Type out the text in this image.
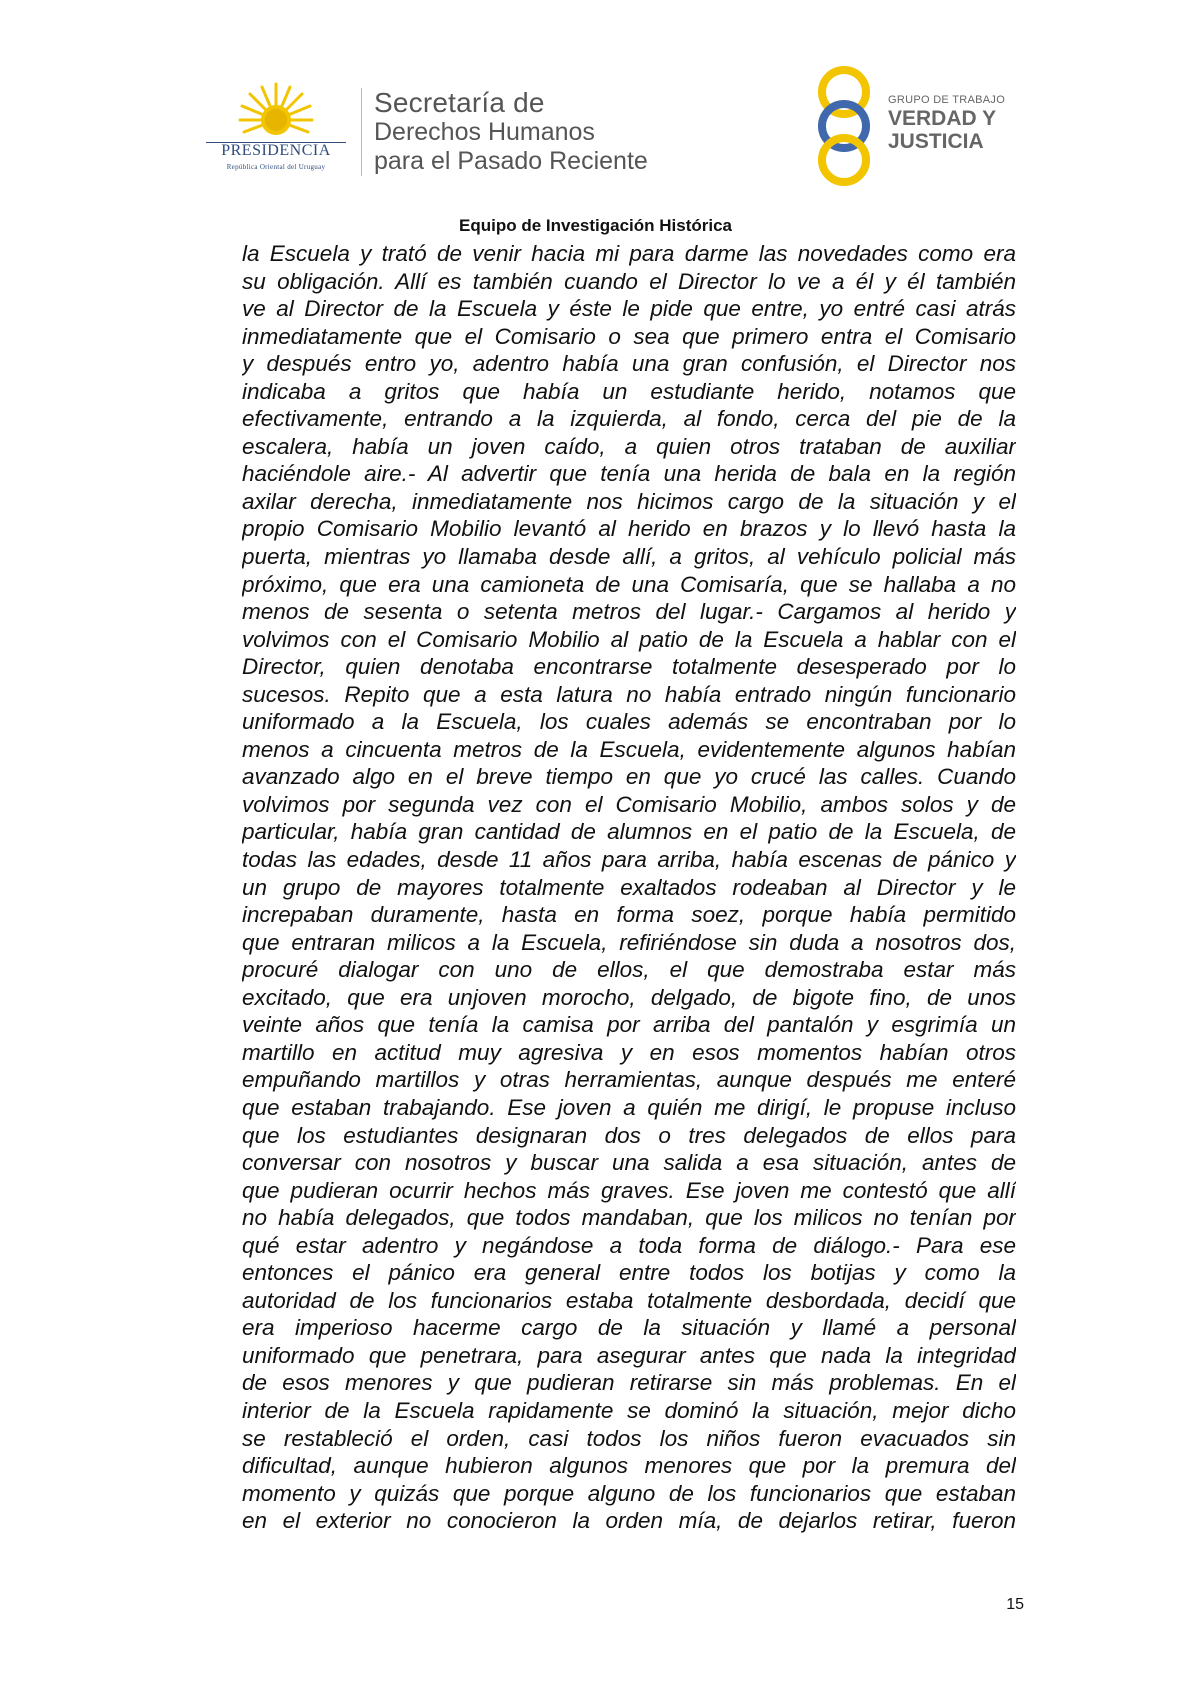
PRESIDENCIA
República Oriental del Uruguay
Secretaría de
Derechos Humanos
para el Pasado Reciente
GRUPO DE TRABAJO
VERDAD Y
JUSTICIA
Equipo de Investigación Histórica

la Escuela y trató de venir hacia mi para darme las novedades como era

su obligación. Allí es también cuando el Director lo ve a él y él también

ve al Director de la Escuela y éste le pide que entre, yo entré casi atrás

inmediatamente que el Comisario o sea que primero entra el Comisario

y después entro yo, adentro había una gran confusión, el Director nos

indicaba a gritos que había un estudiante herido, notamos que

efectivamente, entrando a la izquierda, al fondo, cerca del pie de la

escalera, había un joven caído, a quien otros trataban de auxiliar

haciéndole aire.- Al advertir que tenía una herida de bala en la región

axilar derecha, inmediatamente nos hicimos cargo de la situación y el

propio Comisario Mobilio levantó al herido en brazos y lo llevó hasta la

puerta, mientras yo llamaba desde allí, a gritos, al vehículo policial más

próximo, que era una camioneta de una Comisaría, que se hallaba a no

menos de sesenta o setenta metros del lugar.- Cargamos al herido y

volvimos con el Comisario Mobilio al patio de la Escuela a hablar con el

Director, quien denotaba encontrarse totalmente desesperado por lo

sucesos. Repito que a esta latura no había entrado ningún funcionario

uniformado a la Escuela, los cuales además se encontraban por lo

menos a cincuenta metros de la Escuela, evidentemente algunos habían

avanzado algo en el breve tiempo en que yo crucé las calles. Cuando

volvimos por segunda vez con el Comisario Mobilio, ambos solos y de

particular, había gran cantidad de alumnos en el patio de la Escuela, de

todas las edades, desde 11 años para arriba, había escenas de pánico y

un grupo de mayores totalmente exaltados rodeaban al Director y le

increpaban duramente, hasta en forma soez, porque había permitido

que entraran milicos a la Escuela, refiriéndose sin duda a nosotros dos,

procuré dialogar con uno de ellos, el que demostraba estar más

excitado, que era unjoven morocho, delgado, de bigote fino, de unos

veinte años que tenía la camisa por arriba del pantalón y esgrimía un

martillo en actitud muy agresiva y en esos momentos habían otros

empuñando martillos y otras herramientas, aunque después me enteré

que estaban trabajando. Ese joven a quién me dirigí, le propuse incluso

que los estudiantes designaran dos o tres delegados de ellos para

conversar con nosotros y buscar una salida a esa situación, antes de

que pudieran ocurrir hechos más graves. Ese joven me contestó que allí

no había delegados, que todos mandaban, que los milicos no tenían por

qué estar adentro y negándose a toda forma de diálogo.- Para ese

entonces el pánico era general entre todos los botijas y como la

autoridad de los funcionarios estaba totalmente desbordada, decidí que

era imperioso hacerme cargo de la situación y llamé a personal

uniformado que penetrara, para asegurar antes que nada la integridad

de esos menores y que pudieran retirarse sin más problemas. En el

interior de la Escuela rapidamente se dominó la situación, mejor dicho

se restableció el orden, casi todos los niños fueron evacuados sin

dificultad, aunque hubieron algunos menores que por la premura del

momento y quizás que porque alguno de los funcionarios que estaban

en el exterior no conocieron la orden mía, de dejarlos retirar, fueron

15
